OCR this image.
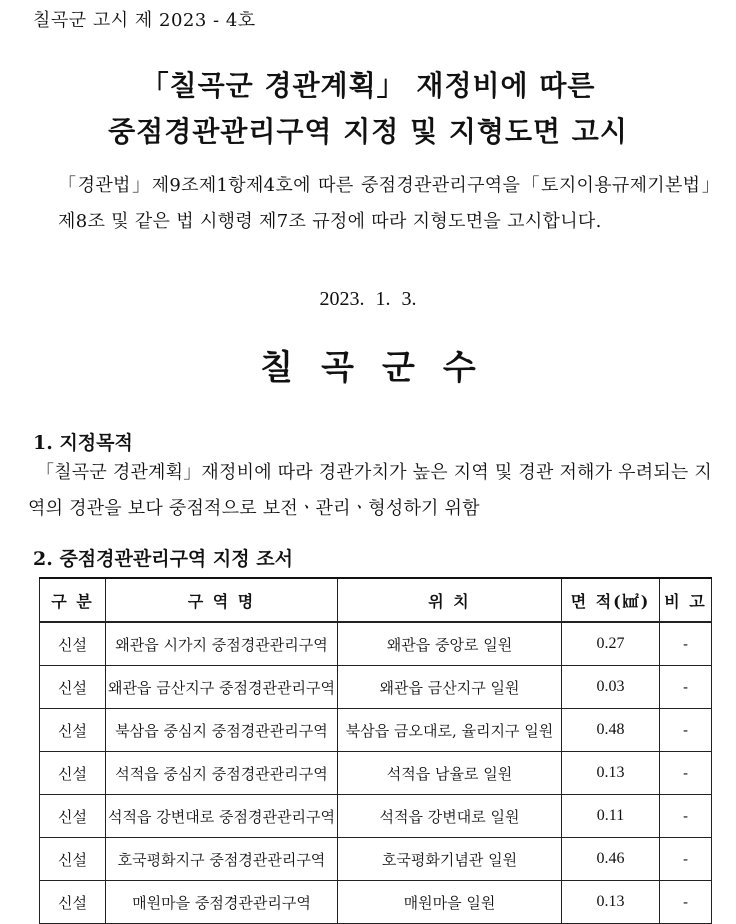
칠곡군 고시 제 2023 - 4호
「칠곡군 경관계획」 재정비에 따른
중점경관관리구역 지정 및 지형도면 고시
「경관법」제9조제1항제4호에 따른 중점경관관리구역을「토지이용규제기본법」제8조 및 같은 법 시행령 제7조 규정에 따라 지형도면을 고시합니다.
2023. 1. 3.
칠곡군수
1. 지정목적
「칠곡군 경관계획」재정비에 따라 경관가치가 높은 지역 및 경관 저해가 우려되는 지역의 경관을 보다 중점적으로 보전ㆍ관리ㆍ형성하기 위함
2. 중점경관관리구역 지정 조서
구 분	구 역 명	위 치	면 적(㎢)	비 고
신설	왜관읍 시가지 중점경관관리구역	왜관읍 중앙로 일원	0.27	-
신설	왜관읍 금산지구 중점경관관리구역	왜관읍 금산지구 일원	0.03	-
신설	북삼읍 중심지 중점경관관리구역	북삼읍 금오대로, 율리지구 일원	0.48	-
신설	석적읍 중심지 중점경관관리구역	석적읍 남율로 일원	0.13	-
신설	석적읍 강변대로 중점경관관리구역	석적읍 강변대로 일원	0.11	-
신설	호국평화지구 중점경관관리구역	호국평화기념관 일원	0.46	-
신설	매원마을 중점경관관리구역	매원마을 일원	0.13	-
